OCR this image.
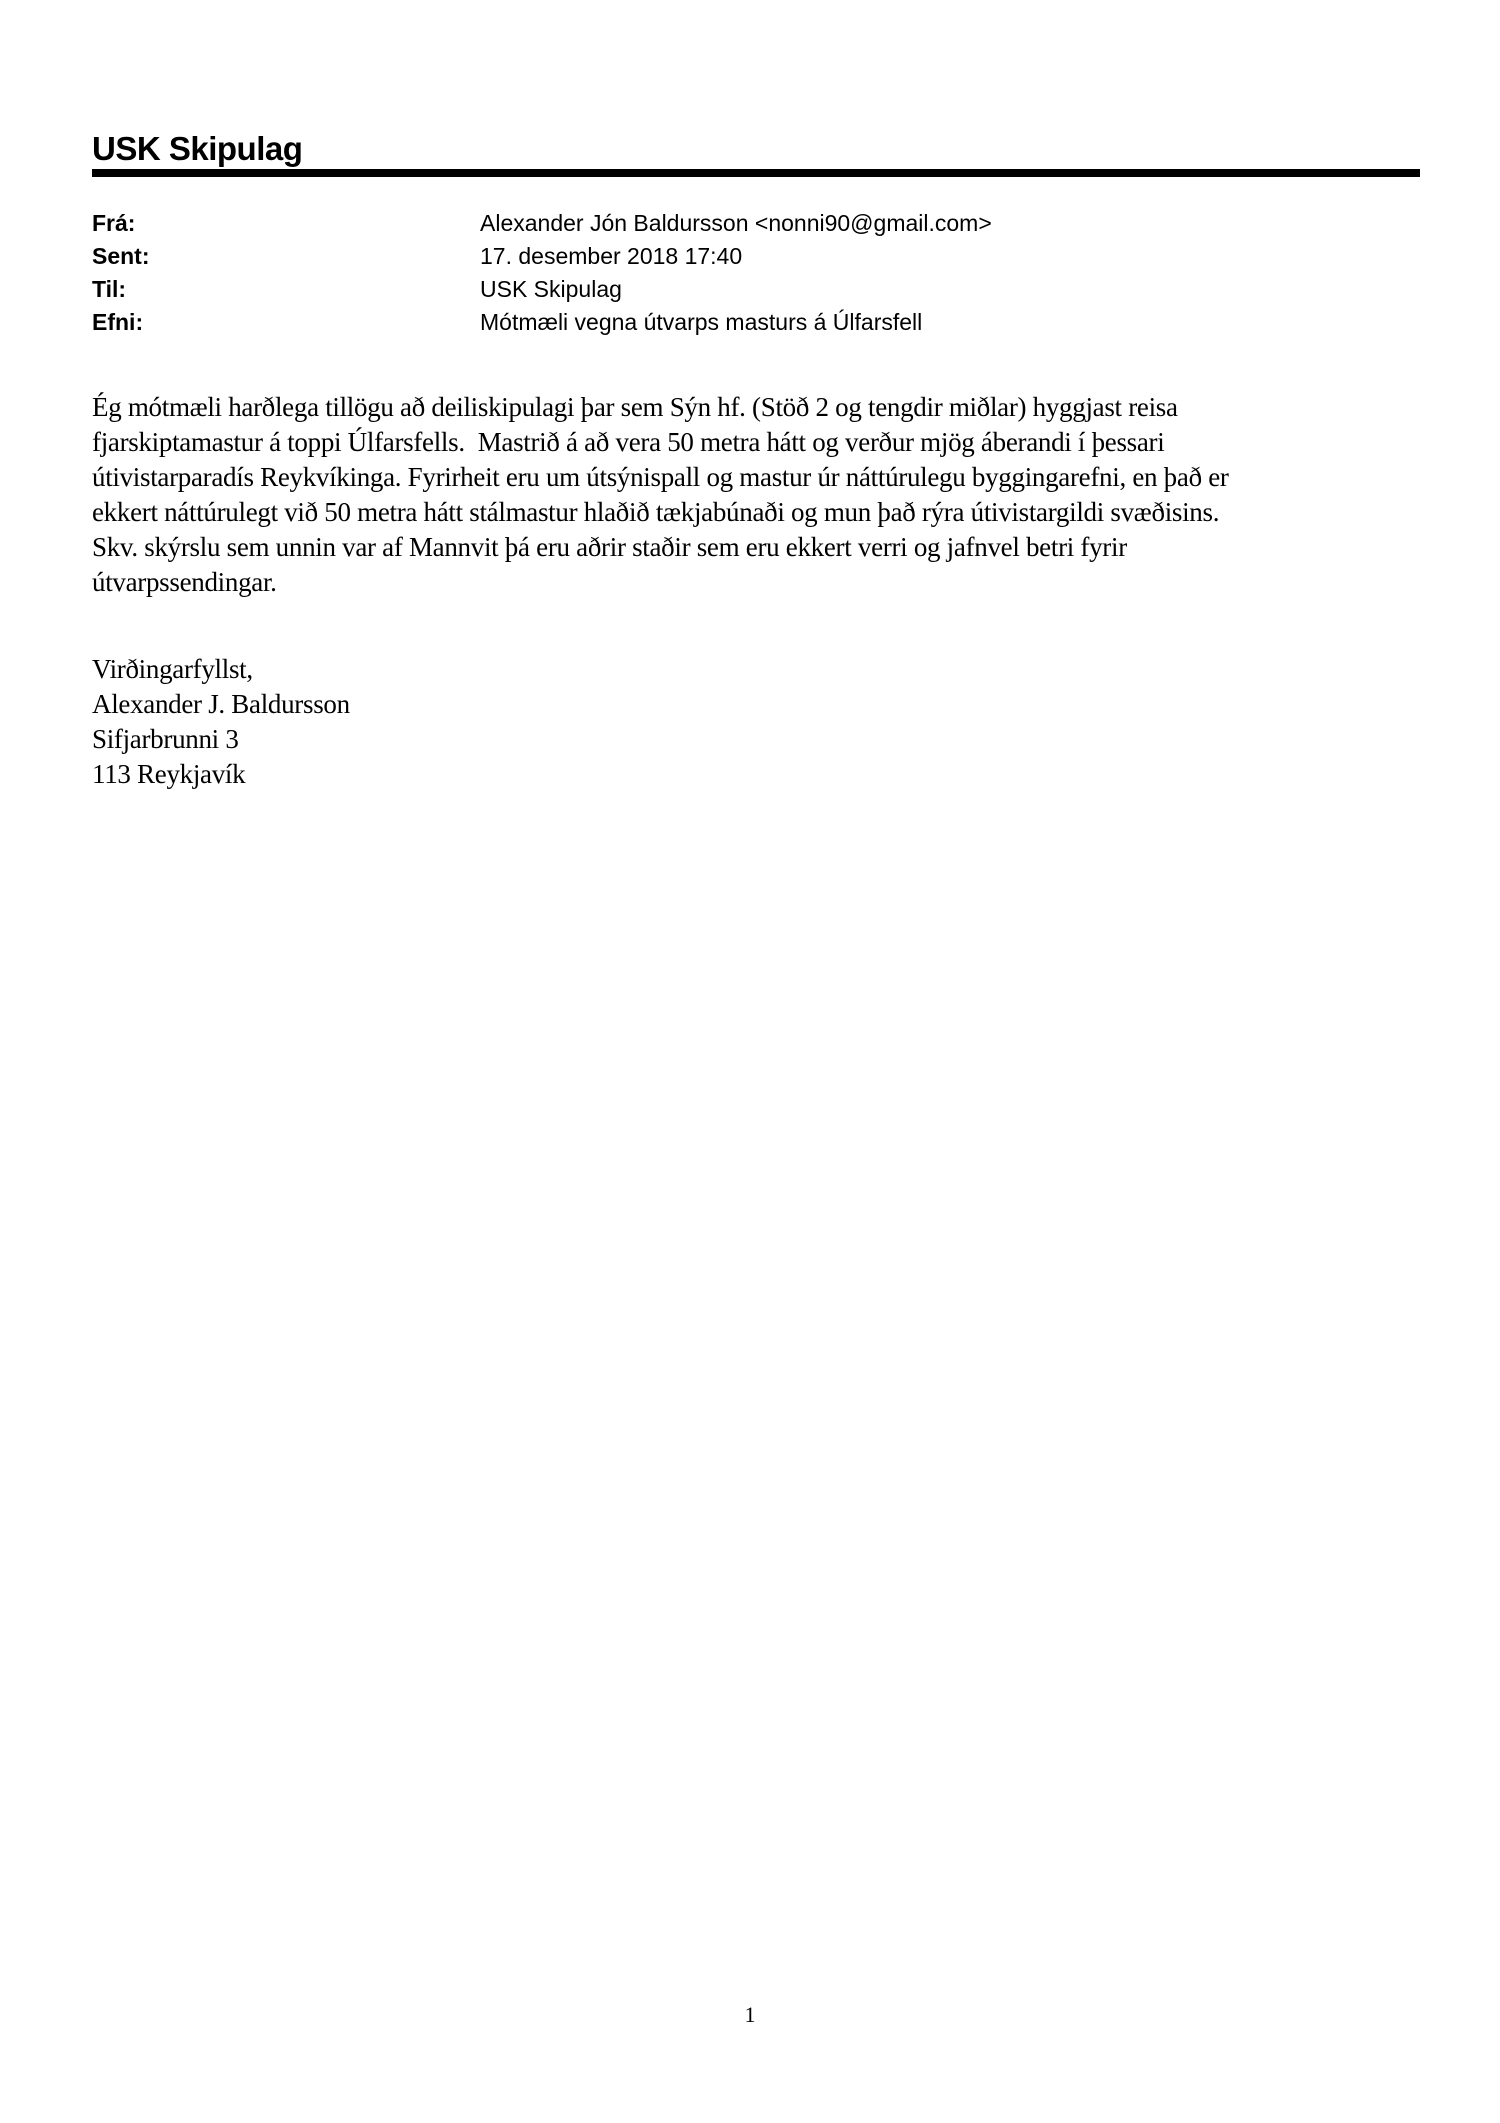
USK Skipulag
Frá:	Alexander Jón Baldursson <nonni90@gmail.com>
Sent:	17. desember 2018 17:40
Til:	USK Skipulag
Efni:	Mótmæli vegna útvarps masturs á Úlfarsfell
Ég mótmæli harðlega tillögu að deiliskipulagi þar sem Sýn hf. (Stöð 2 og tengdir miðlar) hyggjast reisa
fjarskiptamastur á toppi Úlfarsfells.  Mastrið á að vera 50 metra hátt og verður mjög áberandi í þessari
útivistarparadís Reykvíkinga. Fyrirheit eru um útsýnispall og mastur úr náttúrulegu byggingarefni, en það er
ekkert náttúrulegt við 50 metra hátt stálmastur hlaðið tækjabúnaði og mun það rýra útivistargildi svæðisins.
Skv. skýrslu sem unnin var af Mannvit þá eru aðrir staðir sem eru ekkert verri og jafnvel betri fyrir
útvarpssendingar.
Virðingarfyllst,
Alexander J. Baldursson
Sifjarbrunni 3
113 Reykjavík
1
